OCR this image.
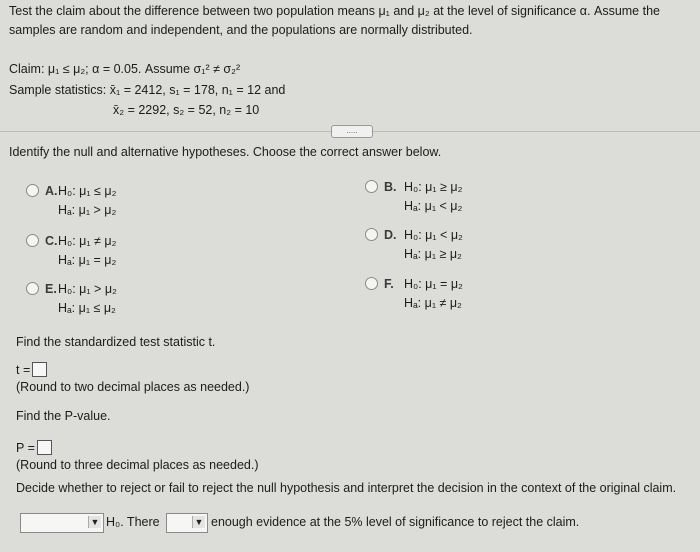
Test the claim about the difference between two population means μ₁ and μ₂ at the level of significance α. Assume the
samples are random and independent, and the populations are normally distributed.
Claim: μ₁ ≤ μ₂; α = 0.05. Assume σ₁² ≠ σ₂²
Sample statistics: x̄₁ = 2412, s₁ = 178, n₁ = 12 and
x̄₂ = 2292, s₂ = 52, n₂ = 10
.....
Identify the null and alternative hypotheses. Choose the correct answer below.
A. H₀: μ₁ ≤ μ₂
Hₐ: μ₁ > μ₂
B. H₀: μ₁ ≥ μ₂
Hₐ: μ₁ < μ₂
C. H₀: μ₁ ≠ μ₂
Hₐ: μ₁ = μ₂
D. H₀: μ₁ < μ₂
Hₐ: μ₁ ≥ μ₂
E. H₀: μ₁ > μ₂
Hₐ: μ₁ ≤ μ₂
F. H₀: μ₁ = μ₂
Hₐ: μ₁ ≠ μ₂
Find the standardized test statistic t.
t =
(Round to two decimal places as needed.)
Find the P-value.
P =
(Round to three decimal places as needed.)
Decide whether to reject or fail to reject the null hypothesis and interpret the decision in the context of the original claim.
▼ H₀. There	▼ enough evidence at the 5% level of significance to reject the claim.
